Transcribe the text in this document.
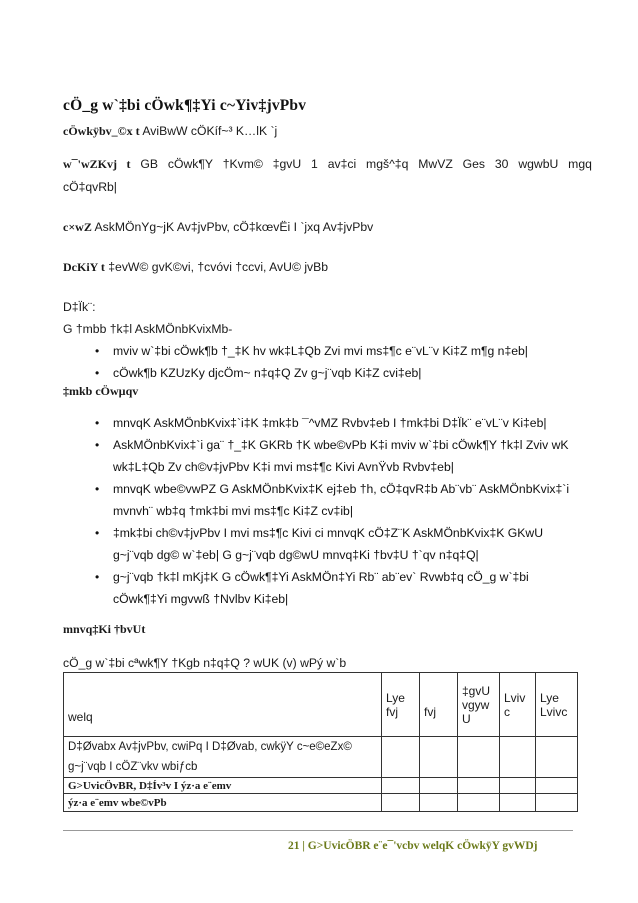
cÖ_g w`‡bi cÖwk¶‡Yi c~Yiv‡jvPbv
cÖwkÿbv_©x t AviBwW cÖKíf~³ K…lK `j
w¯'wZKvj t GB cÖwk¶Y †Kvm© ‡gvU 1 av‡ci mgš^‡q MwVZ Ges 30 wgwbU mgq
cÖ‡qvRb|
c×wZ AskMÖnYg~jK Av‡jvPbv, cÖ‡kœvËi I `jxq Av‡jvPbv
DcKiY t ‡evW© gvK©vi, †cvóvi †ccvi, AvU© jvBb
D‡Ïk¨:
G †mbb †k‡l AskMÖnbKvixMb-
• mviv w`‡bi cÖwk¶b †_‡K hv wk‡L‡Qb Zvi mvi ms‡¶c e¨vL¨v Ki‡Z m¶g n‡eb|
• cÖwk¶b KZUzKy djcÖm~ n‡q‡Q Zv g~j¨vqb Ki‡Z cvi‡eb|
‡mkb cÖwµqv
• mnvqK AskMÖnbKvix‡`i‡K ‡mk‡b ¯^vMZ Rvbv‡eb I †mk‡bi D‡Ïk¨ e¨vL¨v Ki‡eb|
• AskMÖnbKvix‡`i ga¨ †_‡K GKRb †K wbe©vPb K‡i mviv w`‡bi cÖwk¶Y †k‡l Zviv wK
wk‡L‡Qb Zv ch©v‡jvPbv K‡i mvi ms‡¶c Kivi AvnŸvb Rvbv‡eb|
• mnvqK wbe©vwPZ G AskMÖnbKvix‡K ej‡eb †h, cÖ‡qvR‡b Ab¨vb¨ AskMÖnbKvix‡`i
mvnvh¨ wb‡q †mk‡bi mvi ms‡¶c Ki‡Z cv‡ib|
• ‡mk‡bi ch©v‡jvPbv I mvi ms‡¶c Kivi ci mnvqK cÖ‡Z¨K AskMÖnbKvix‡K GKwU
g~j¨vqb dg© w`‡eb| G g~j¨vqb dg©wU mnvq‡Ki †bv‡U †`qv n‡q‡Q|
• g~j¨vqb †k‡l mKj‡K G cÖwk¶‡Yi AskMÖn‡Yi Rb¨ ab¨ev` Rvwb‡q cÖ_g w`‡bi
cÖwk¶‡Yi mgvwß †Nvlbv Ki‡eb|
mnvq‡Ki †bvUt
cÖ_g w`‡bi cªwk¶Y †Kgb n‡q‡Q ? wUK (v) wPý w`b
welq	Lye fvj	fvj	‡gvU vgyw U	Lviv c	Lye Lvivc
D‡Øvabx Av‡jvPbv, cwiPq I D‡Øvab, cwkÿY c~e©eZx© g~j¨vqb I cÖZ¨vkv wbiƒcb					
G>UvicÖvBR, D‡Ív³v I ýz·a e¨emv					
ýz·a e¨emv wbe©vPb					
21 | G>UvicÖBR e¨e¯'vcbv welqK cÖwkÿY gvWDj
